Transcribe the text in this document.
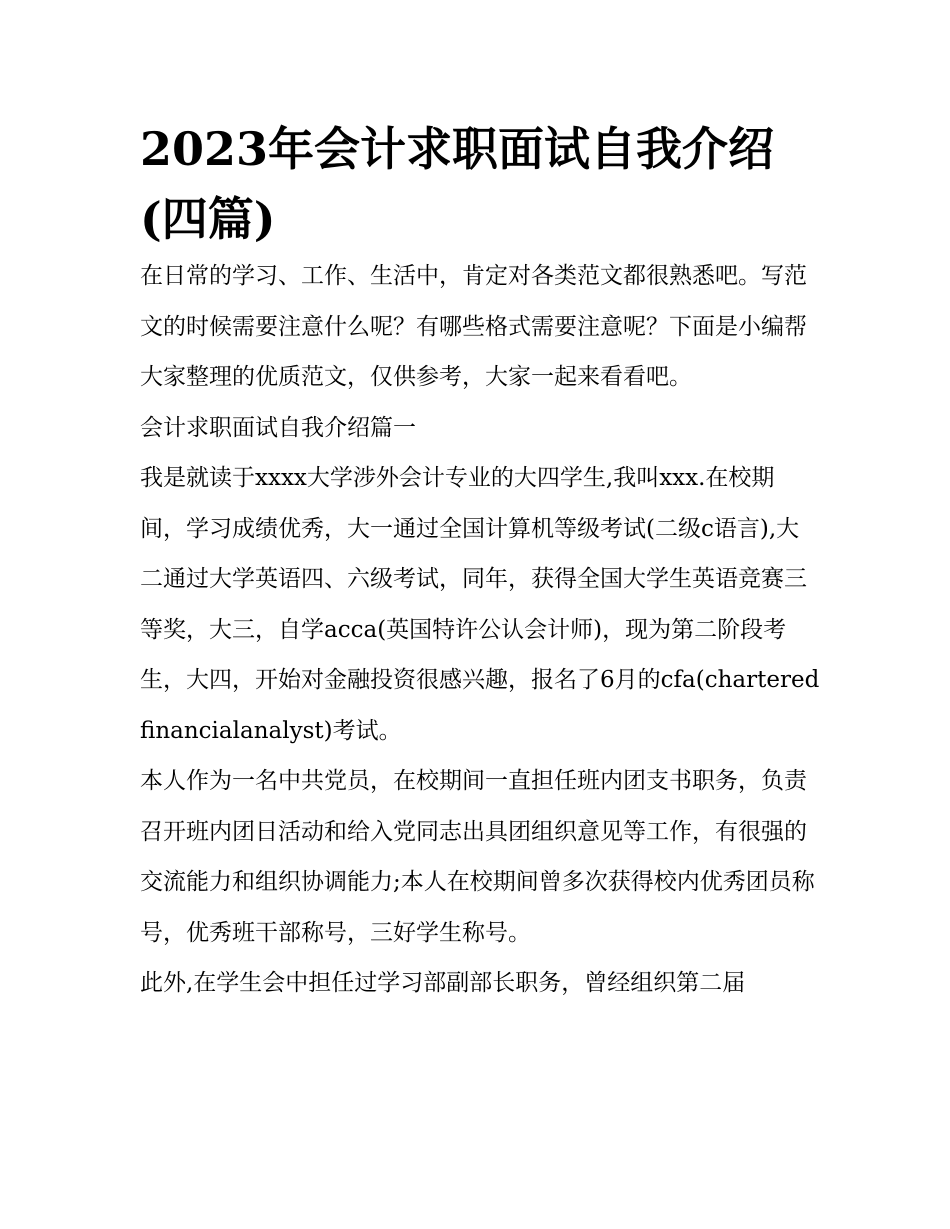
2023年会计求职面试自我介绍(四篇)

在日常的学习、工作、生活中，肯定对各类范文都很熟悉吧。写范文的时候需要注意什么呢？有哪些格式需要注意呢？下面是小编帮大家整理的优质范文，仅供参考，大家一起来看看吧。

会计求职面试自我介绍篇一

我是就读于xxxx大学涉外会计专业的大四学生,我叫xxx.在校期间，学习成绩优秀，大一通过全国计算机等级考试(二级c语言),大二通过大学英语四、六级考试，同年，获得全国大学生英语竞赛三等奖，大三，自学acca(英国特许公认会计师)，现为第二阶段考生，大四，开始对金融投资很感兴趣，报名了6月的cfa(charteredfinancialanalyst)考试。

本人作为一名中共党员，在校期间一直担任班内团支书职务，负责召开班内团日活动和给入党同志出具团组织意见等工作，有很强的交流能力和组织协调能力;本人在校期间曾多次获得校内优秀团员称号，优秀班干部称号，三好学生称号。

此外,在学生会中担任过学习部副部长职务，曾经组织第二届
